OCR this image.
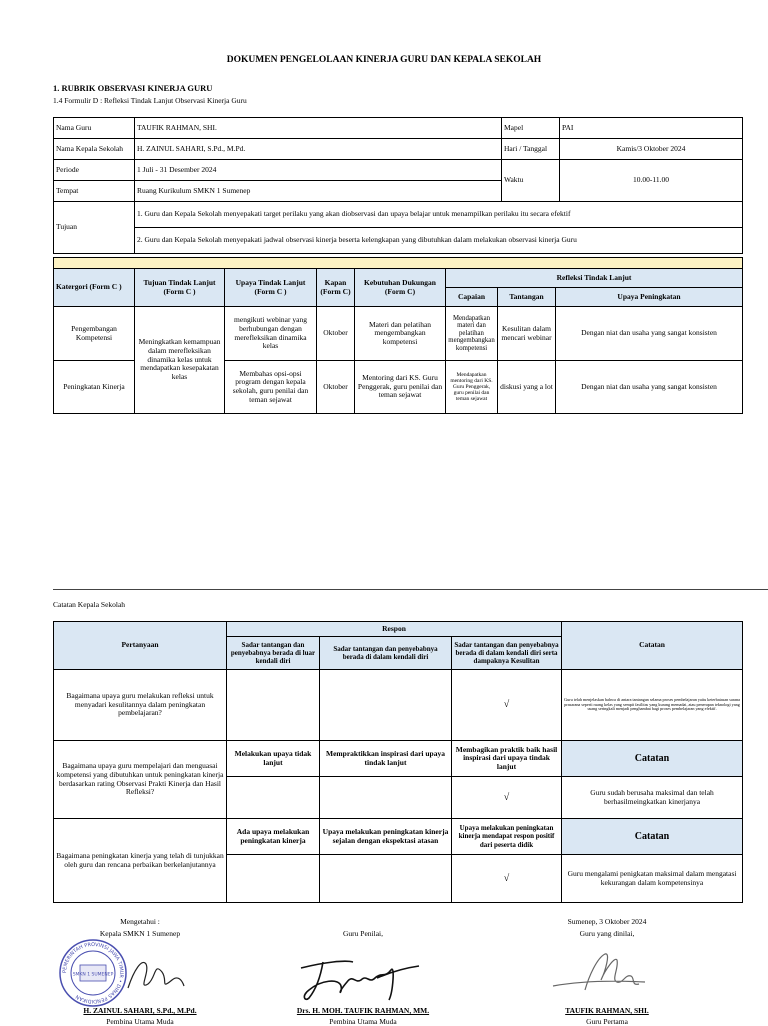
DOKUMEN PENGELOLAAN KINERJA GURU DAN KEPALA SEKOLAH
1. RUBRIK OBSERVASI KINERJA GURU
1.4 Formulir D : Refleksi Tindak Lanjut Observasi Kinerja Guru
Nama Guru	TAUFIK RAHMAN, SHI.	Mapel	PAI
Nama Kepala Sekolah	H. ZAINUL SAHARI, S.Pd., M.Pd.	Hari / Tanggal	Kamis/3 Oktober 2024
Periode	1 Juli - 31 Desember 2024	Waktu	10.00-11.00
Tempat	Ruang Kurikulum SMKN 1 Sumenep		
Tujuan	1. Guru dan Kepala Sekolah menyepakati target perilaku yang akan diobservasi dan upaya belajar untuk menampilkan perilaku itu secara efektif		
	2. Guru dan Kepala Sekolah menyepakati jadwal observasi kinerja beserta kelengkapan yang dibutuhkan dalam melakukan observasi kinerja Guru		

Katergori (Form C )	Tujuan Tindak Lanjut (Form C )	Upaya Tindak Lanjut (Form C )	Kapan (Form C)	Kebutuhan Dukungan (Form C)	Refleksi Tindak Lanjut		
					Capaian	Tantangan	Upaya Peningkatan
Pengembangan Kompetensi	Meningkatkan kemampuan dalam merefleksikan dinamika kelas untuk mendapatkan kesepakatan kelas	mengikuti webinar yang berhubungan dengan merefleksikan dinamika kelas	Oktober	Materi dan pelatihan mengembangkan kompetensi	Mendapatkan materi dan pelatihan mengembangkan kompetensi	Kesulitan dalam mencari webinar	Dengan niat dan usaha yang sangat konsisten
Peningkatan Kinerja		Membahas opsi-opsi program dengan kepala sekolah, guru penilai dan teman sejawat	Oktober	Mentoring dari KS. Guru Penggerak, guru penilai dan teman sejawat	Mendapatkan mentoring dari KS. Guru Penggerak, guru penilai dan teman sejawat	diskusi yang a lot	Dengan niat dan usaha yang sangat konsisten
Catatan Kepala Sekolah
Pertanyaan	Respon			Catatan
	Sadar tantangan dan penyebabnya berada di luar kendali diri	Sadar tantangan dan penyebabnya berada di dalam kendali diri	Sadar tantangan dan penyebabnya berada di dalam kendali diri serta dampaknya Kesulitan	
Bagaimana upaya guru melakukan refleksi untuk menyadari kesulitannya dalam peningkatan pembelajaran?			√	Guru telah menjelaskan bahwa di antara tantangan selama proses pembelajaran yaitu keterbatasan sarana prasarana seperti ruang kelas yang sempit fasilitas yang kurang memadai, atau penerapan teknologi yang usang seringkali menjadi penghambat bagi proses pembelajaran yang efektif.
Bagaimana upaya guru mempelajari dan menguasai kompetensi yang dibutuhkan untuk peningkatan kinerja berdasarkan rating Observasi Prakti Kinerja dan Hasil Refleksi?	Melakukan upaya tidak lanjut	Mempraktikkan inspirasi dari upaya tindak lanjut	Membagikan praktik baik hasil inspirasi dari upaya tindak lanjut	Catatan
			√	Guru sudah berusaha maksimal dan telah berhasilmeingkatkan kinerjanya
Bagaimana peningkatan kinerja yang telah di tunjukkan oleh guru dan rencana perbaikan berkelanjutannya	Ada upaya melakukan peningkatan kinerja	Upaya melakukan peningkatan kinerja sejalan dengan ekspektasi atasan	Upaya melakukan peningkatan kinerja mendapat respon positif dari peserta didik	Catatan
			√	Guru mengalami penigkatan maksimal dalam mengatasi kekurangan dalam kompetensinya
Mengetahui :
Kepala SMKN 1 Sumenep	Guru Penilai,
Sumenep, 3 Oktober 2024
Guru yang dinilai,
PEMERINTAH PROVINSI JAWA TIMUR • DINAS PENDIDIKAN
SMKN 1 SUMENEP
H. ZAINUL SAHARI, S.Pd., M.Pd.
Pembina Utama Muda
Drs. H. MOH. TAUFIK RAHMAN, MM.
Pembina Utama Muda
TAUFIK RAHMAN, SHI.
Guru Pertama
